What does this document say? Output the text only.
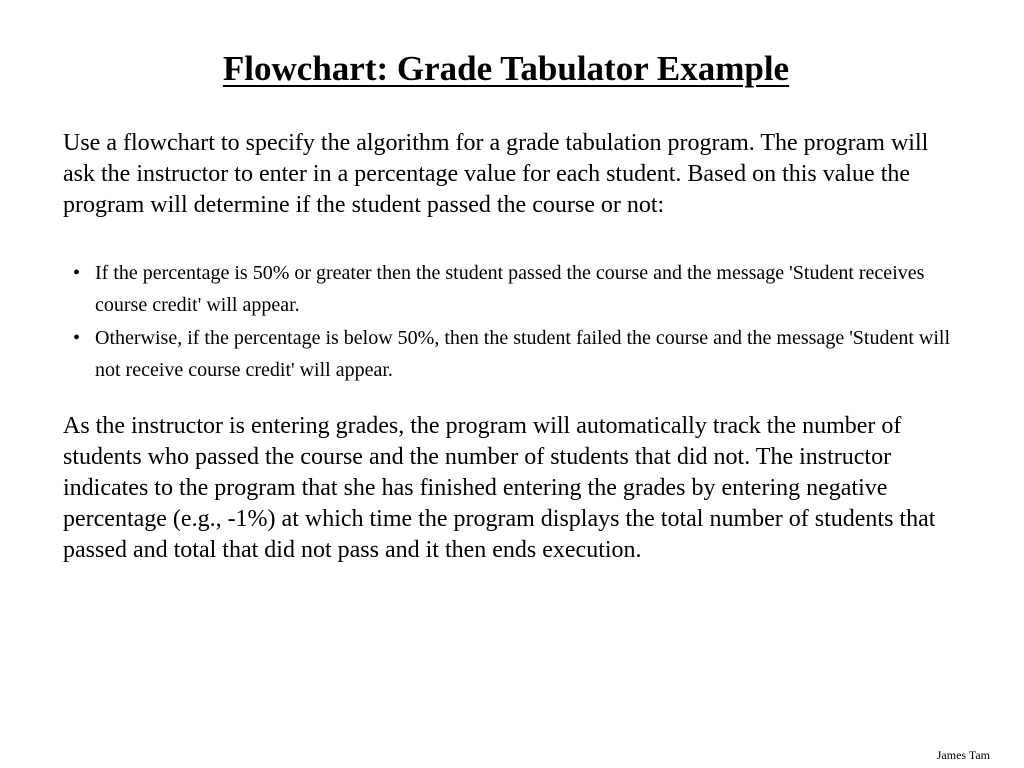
Flowchart: Grade Tabulator Example

Use a flowchart to specify the algorithm for a grade tabulation program. The program will ask the instructor to enter in a percentage value for each student. Based on this value the program will determine if the student passed the course or not:

• If the percentage is 50% or greater then the student passed the course and the message 'Student receives course credit' will appear.
• Otherwise, if the percentage is below 50%, then the student failed the course and the message 'Student will not receive course credit' will appear.

As the instructor is entering grades, the program will automatically track the number of students who passed the course and the number of students that did not. The instructor indicates to the program that she has finished entering the grades by entering negative percentage (e.g., -1%) at which time the program displays the total number of students that passed and total that did not pass and it then ends execution.

James Tam
